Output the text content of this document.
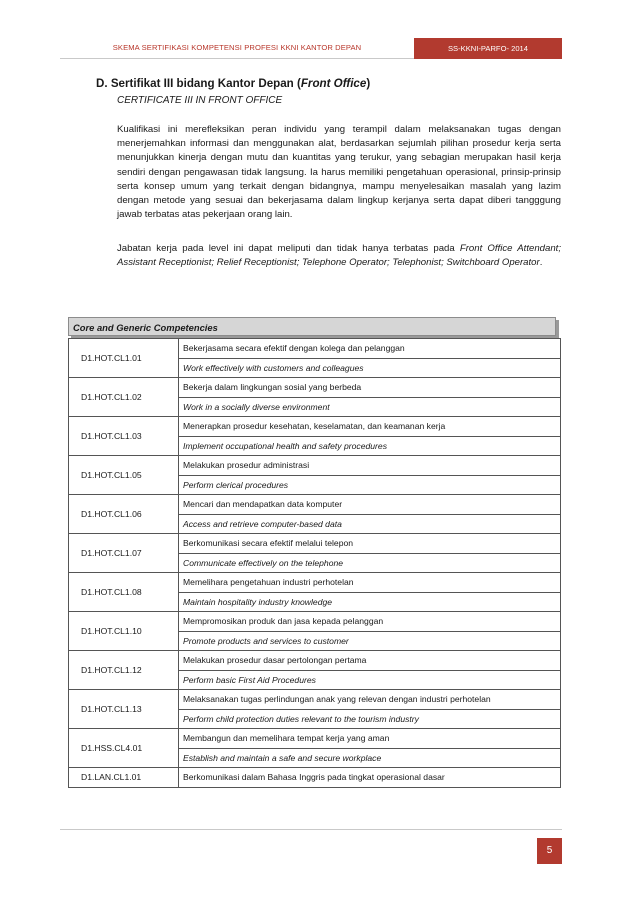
SKEMA SERTIFIKASI KOMPETENSI PROFESI KKNI KANTOR DEPAN	SS-KKNI-PARFO- 2014
D. Sertifikat III bidang Kantor Depan (Front Office)
CERTIFICATE III IN FRONT OFFICE
Kualifikasi ini merefleksikan peran individu yang terampil dalam melaksanakan tugas dengan menerjemahkan informasi dan menggunakan alat, berdasarkan sejumlah pilihan prosedur kerja serta menunjukkan kinerja dengan mutu dan kuantitas yang terukur, yang sebagian merupakan hasil kerja sendiri dengan pengawasan tidak langsung. Ia harus memiliki pengetahuan operasional, prinsip-prinsip serta konsep umum yang terkait dengan bidangnya, mampu menyelesaikan masalah yang lazim dengan metode yang sesuai dan bekerjasama dalam lingkup kerjanya serta dapat diberi tangggung jawab terbatas atas pekerjaan orang lain.
Jabatan kerja pada level ini dapat meliputi dan tidak hanya terbatas pada Front Office Attendant; Assistant Receptionist; Relief Receptionist; Telephone Operator; Telephonist; Switchboard Operator.
Core and Generic Competencies
D1.HOT.CL1.01	Bekerjasama secara efektif dengan kolega dan pelanggan
	Work effectively with customers and colleagues
D1.HOT.CL1.02	Bekerja dalam lingkungan sosial yang berbeda
	Work in a socially diverse environment
D1.HOT.CL1.03	Menerapkan prosedur kesehatan, keselamatan, dan keamanan kerja
	Implement occupational health and safety procedures
D1.HOT.CL1.05	Melakukan prosedur administrasi
	Perform clerical procedures
D1.HOT.CL1.06	Mencari dan mendapatkan data komputer
	Access and retrieve computer-based data
D1.HOT.CL1.07	Berkomunikasi secara efektif melalui telepon
	Communicate effectively on the telephone
D1.HOT.CL1.08	Memelihara pengetahuan industri perhotelan
	Maintain hospitality industry knowledge
D1.HOT.CL1.10	Mempromosikan produk dan jasa kepada pelanggan
	Promote products and services to customer
D1.HOT.CL1.12	Melakukan prosedur dasar pertolongan pertama
	Perform basic First Aid Procedures
D1.HOT.CL1.13	Melaksanakan tugas perlindungan anak yang relevan dengan industri perhotelan
	Perform child protection duties relevant to the tourism industry
D1.HSS.CL4.01	Membangun dan memelihara tempat kerja yang aman
	Establish and maintain a safe and secure workplace
D1.LAN.CL1.01	Berkomunikasi dalam Bahasa Inggris pada tingkat operasional dasar
5
